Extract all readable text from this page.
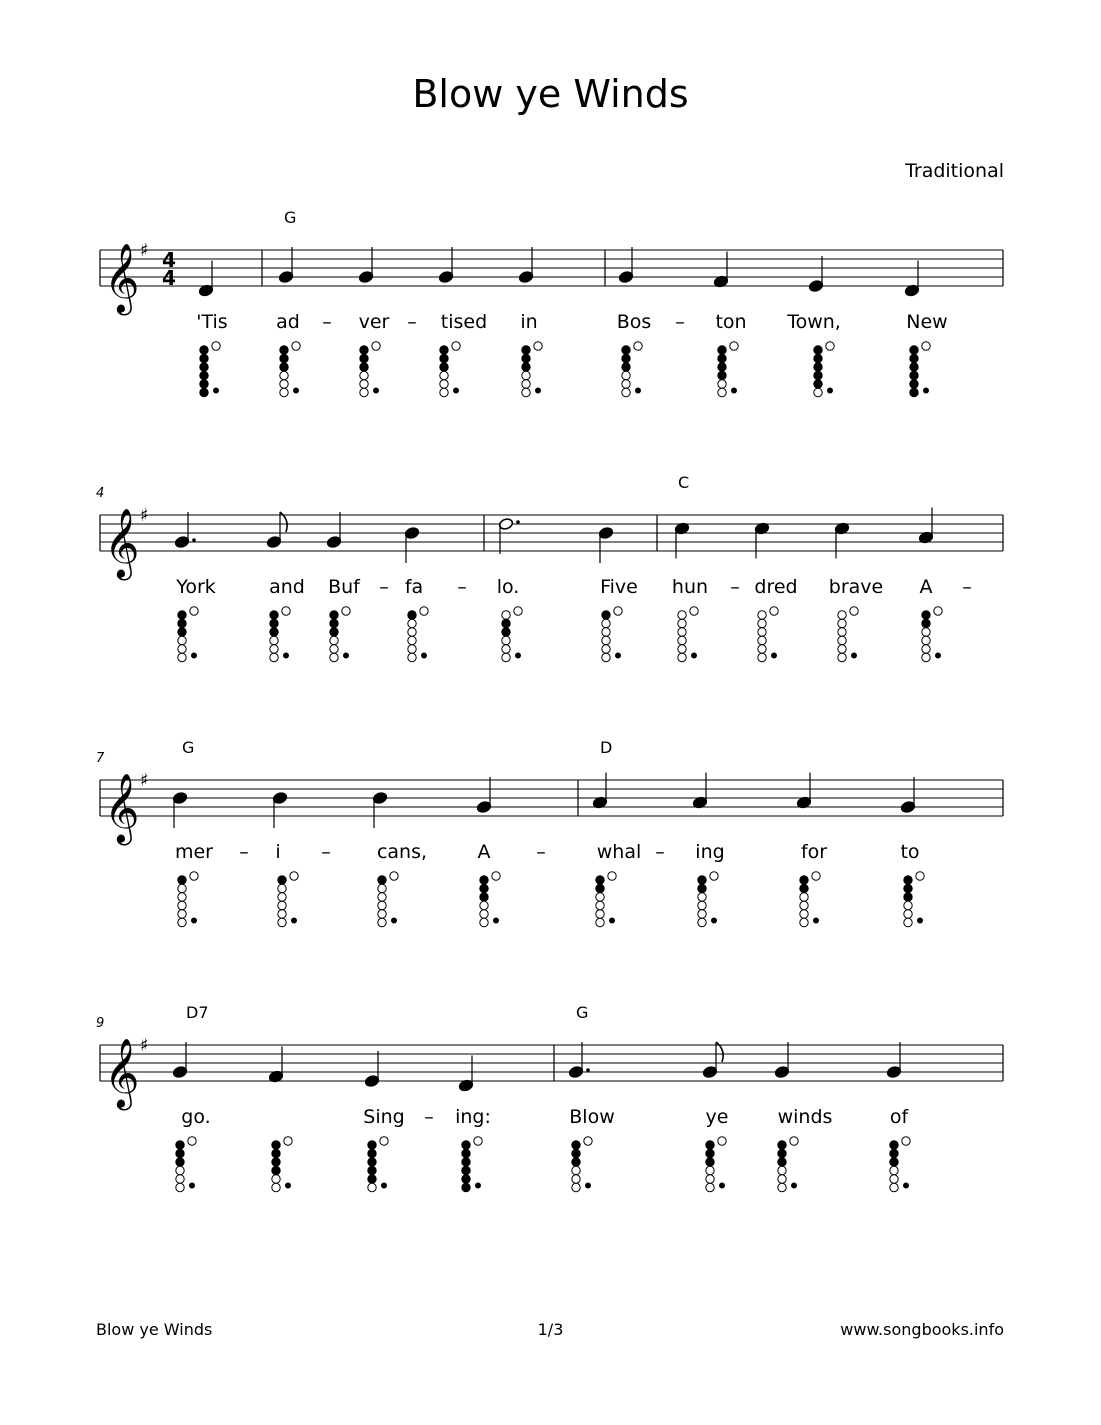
Blow ye Winds
Traditional
𝄞 ♯ 4
4
G
'Tis	ad – ver – tised in	Bos – ton Town,	New
𝄞 ♯
4
C
York	and Buf – fa – lo.	Five hun – dred brave A –
𝄞 ♯
7
G	D
mer – i – cans,	A –	whal – ing	for	to
𝄞 ♯
9
D7	G
go.	Sing – ing:	Blow	ye	winds	of
Blow ye Winds	1/3	www.songbooks.info
